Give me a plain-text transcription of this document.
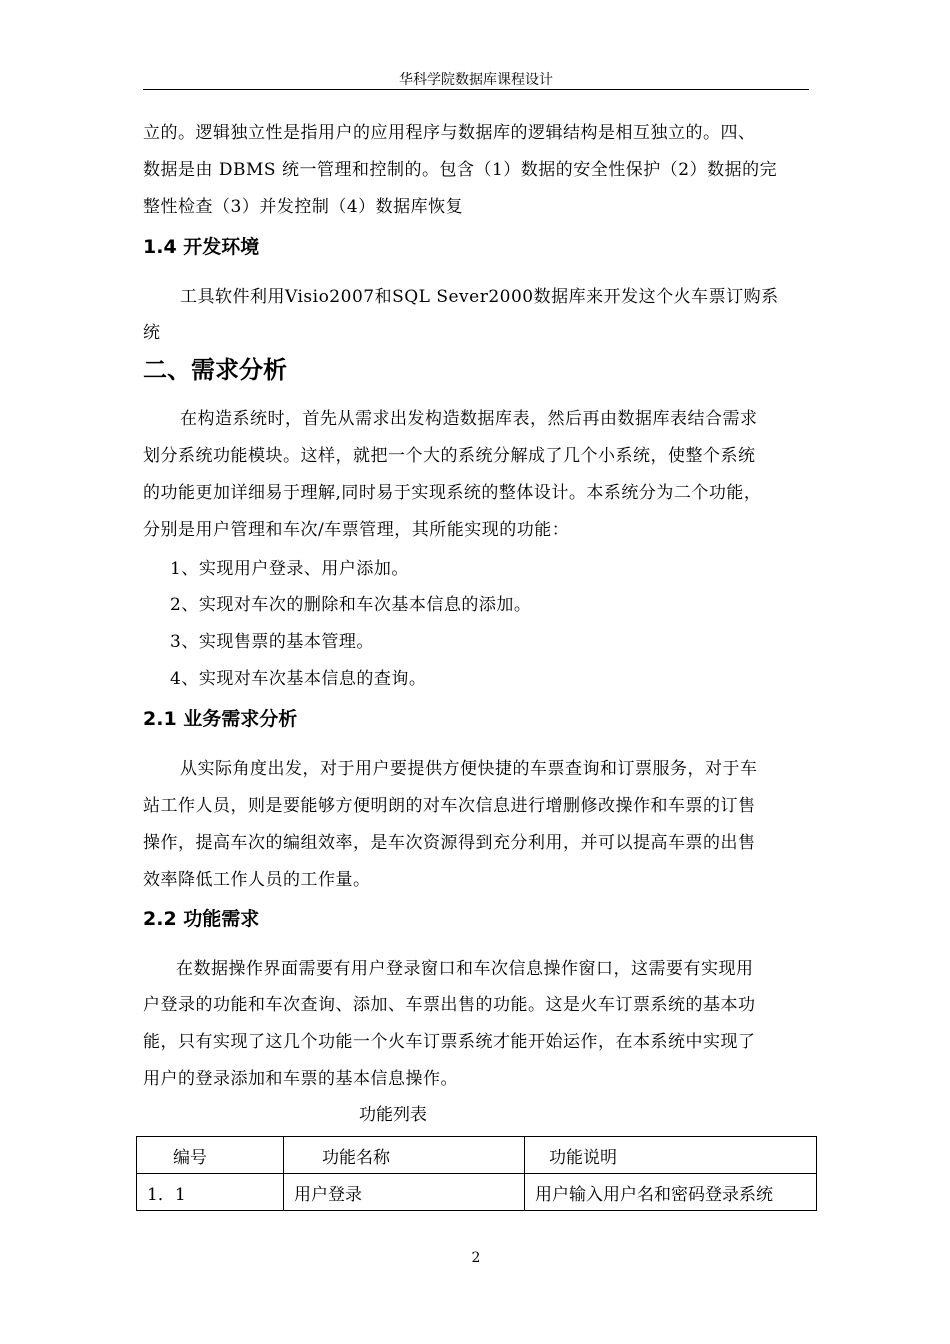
华科学院数据库课程设计
立的。逻辑独立性是指用户的应用程序与数据库的逻辑结构是相互独立的。四、
数据是由 DBMS 统一管理和控制的。包含（1）数据的安全性保护（2）数据的完
整性检查（3）并发控制（4）数据库恢复
1.4 开发环境
工具软件利用Visio2007和SQL Sever2000数据库来开发这个火车票订购系
统
二、需求分析
在构造系统时，首先从需求出发构造数据库表，然后再由数据库表结合需求
划分系统功能模块。这样，就把一个大的系统分解成了几个小系统，使整个系统
的功能更加详细易于理解,同时易于实现系统的整体设计。本系统分为二个功能，
分别是用户管理和车次/车票管理，其所能实现的功能：
1、实现用户登录、用户添加。
2、实现对车次的删除和车次基本信息的添加。
3、实现售票的基本管理。
4、实现对车次基本信息的查询。
2.1 业务需求分析
从实际角度出发，对于用户要提供方便快捷的车票查询和订票服务，对于车
站工作人员，则是要能够方便明朗的对车次信息进行增删修改操作和车票的订售
操作，提高车次的编组效率，是车次资源得到充分利用，并可以提高车票的出售
效率降低工作人员的工作量。
2.2 功能需求
在数据操作界面需要有用户登录窗口和车次信息操作窗口，这需要有实现用
户登录的功能和车次查询、添加、车票出售的功能。这是火车订票系统的基本功
能，只有实现了这几个功能一个火车订票系统才能开始运作，在本系统中实现了
用户的登录添加和车票的基本信息操作。
功能列表
编号	功能名称	功能说明
1．1	用户登录	用户输入用户名和密码登录系统
2
